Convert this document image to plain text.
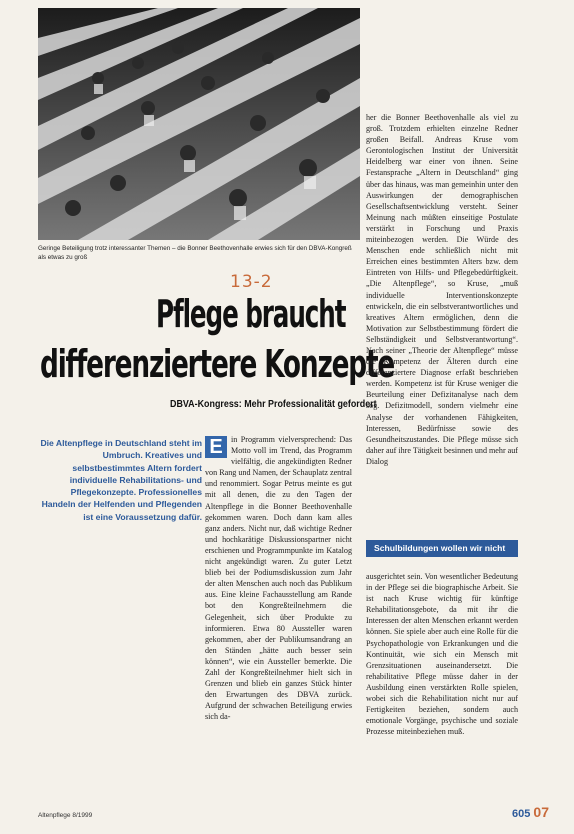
Geringe Beteiligung trotz interessanter Themen – die Bonner Beethovenhalle erwies sich für den DBVA-Kongreß als etwas zu groß
13-2
Pflege braucht
differenziertere Konzepte
DBVA-Kongress: Mehr Professionalität gefordert
Die Altenpflege in Deutschland steht im Umbruch. Kreatives und selbstbestimmtes Altern fordert individuelle Rehabilitations- und Pflegekonzepte. Professionelles Handeln der Helfenden und Pflegenden ist eine Voraussetzung dafür.
E	in Programm vielversprechend: Das Motto voll im Trend, das Programm vielfältig, die angekündigten Redner von Rang und Namen, der Schauplatz zentral und renommiert. Sogar Petrus meinte es gut mit all denen, die zu den Tagen der Altenpflege in die Bonner Beethovenhalle gekommen waren. Doch dann kam alles ganz anders. Nicht nur, daß wichtige Redner und hochkarätige Diskussionspartner nicht erschienen und Programmpunkte im Katalog nicht angekündigt waren. Zu guter Letzt blieb bei der Podiumsdiskussion zum Jahr der alten Menschen auch noch das Publikum aus. Eine kleine Fachausstellung am Rande bot den Kongreßteilnehmern die Gelegenheit, sich über Produkte zu informieren. Etwa 80 Aussteller waren gekommen, aber der Publikumsandrang an den Ständen „hätte auch besser sein können“, wie ein Aussteller bemerkte. Die Zahl der Kongreßteilnehmer hielt sich in Grenzen und blieb ein ganzes Stück hinter den Erwartungen des DBVA zurück. Aufgrund der schwachen Beteiligung erwies sich da-
her die Bonner Beethovenhalle als viel zu groß. Trotzdem erhielten einzelne Redner großen Beifall. Andreas Kruse vom Gerontologischen Institut der Universität Heidelberg war einer von ihnen. Seine Festansprache „Altern in Deutschland“ ging über das hinaus, was man gemeinhin unter den Auswirkungen der demographischen Gesellschaftsentwicklung versteht. Seiner Meinung nach müßten einseitige Postulate verstärkt in Forschung und Praxis miteinbezogen werden. Die Würde des Menschen ende schließlich nicht mit Erreichen eines bestimmten Alters bzw. dem Eintreten von Hilfs- und Pflegebedürftigkeit. „Die Altenpflege“, so Kruse, „muß individuelle Interventionskonzepte entwickeln, die ein selbstverantwortliches und kreatives Altern ermöglichen, denn die Motivation zur Selbstbestimmung fördert die Selbständigkeit und Selbstverantwortung“. Nach seiner „Theorie der Altenpflege“ müsse die Kompetenz der Älteren durch eine differenziertere Diagnose erfaßt beschrieben werden. Kompetenz ist für Kruse weniger die Beurteilung einer Defizitanalyse nach dem sog. Defizitmodell, sondern vielmehr eine Analyse der vorhandenen Fähigkeiten, Interessen, Bedürfnisse sowie des Gesundheitszustandes. Die Pflege müsse sich daher auf ihre Tätigkeit besinnen und mehr auf Dialog
Schulbildungen wollen wir nicht
ausgerichtet sein. Von wesentlicher Bedeutung in der Pflege sei die biographische Arbeit. Sie ist nach Kruse wichtig für künftige Rehabilitationsgebote, da mit ihr die Interessen der alten Menschen erkannt werden können. Sie spiele aber auch eine Rolle für die Psychopathologie von Erkrankungen und die Kontinuität, wie sich ein Mensch mit Grenzsituationen auseinandersetzt. Die rehabilitative Pflege müsse daher in der Ausbildung einen verstärkten Rolle spielen, wobei sich die Rehabilitation nicht nur auf Fertigkeiten beziehen, sondern auch emotionale Vorgänge, psychische und soziale Prozesse miteinbeziehen muß.
Altenpflege 8/1999	605 07
